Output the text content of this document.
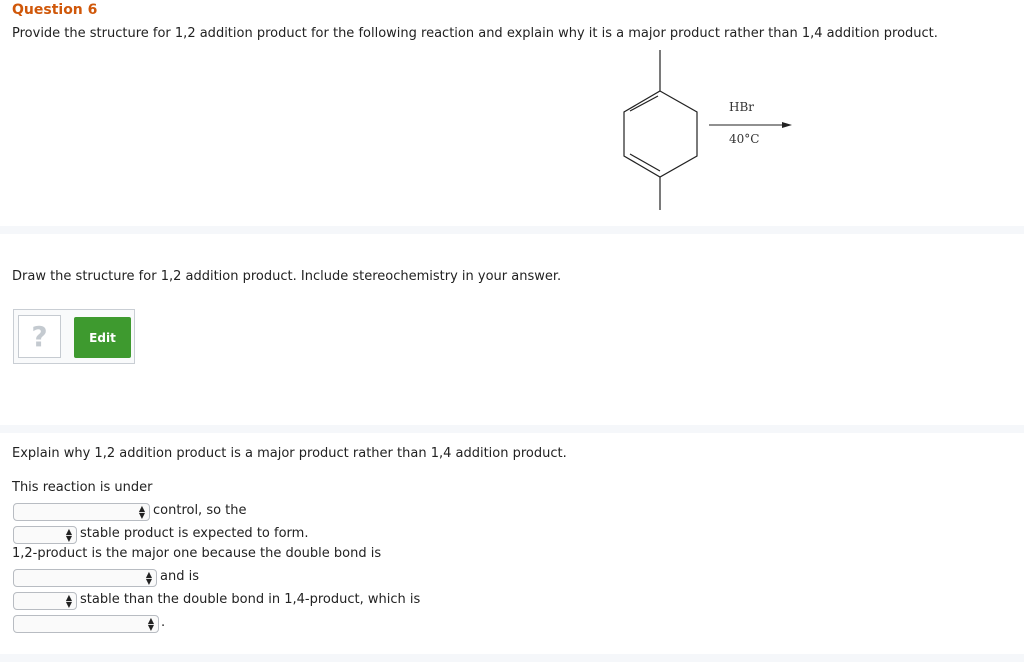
Question 6
Provide the structure for 1,2 addition product for the following reaction and explain why it is a major product rather than 1,4 addition product.
HBr
40°C
Draw the structure for 1,2 addition product. Include stereochemistry in your answer.
?	Edit
Explain why 1,2 addition product is a major product rather than 1,4 addition product.
This reaction is under
▲
▼ control, so the
▲
▼ stable product is expected to form.
1,2-product is the major one because the double bond is
▲
▼ and is
▲
▼ stable than the double bond in 1,4-product, which is
▲
▼ .
